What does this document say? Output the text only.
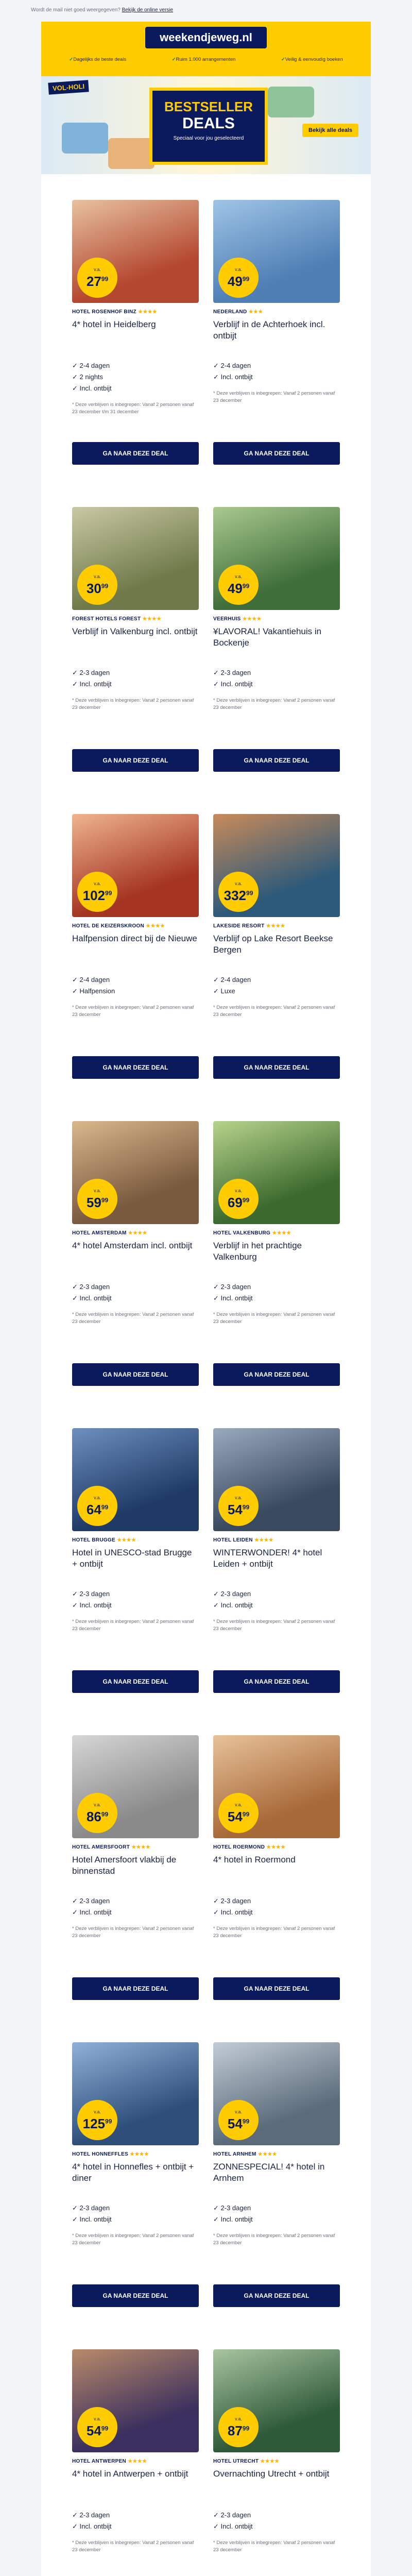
Wordt de mail niet goed weergegeven? Bekijk de online versie
weekendjeweg.nl
✓ Dagelijks de beste deals	✓ Ruim 1.000 arrangementen	✓ Veilig & eenvoudig boeken
VOL-HOLI
BESTSELLER
DEALS
Speciaal voor jou geselecteerd
Bekijk alle deals
v.a.
$27^{99}$
HOTEL ROSENHOF BINZ ★★★★
4* hotel in Heidelberg
✓ 2-4 dagen
✓ 2 nights
✓ Incl. ontbijt
* Deze verblijven is inbegrepen: Vanaf 2 personen vanaf 23 december t/m 31 december
GA NAAR DEZE DEAL
v.a.
$49^{99}$
NEDERLAND ★★★
Verblijf in de Achterhoek incl. ontbijt
✓ 2-4 dagen
✓ Incl. ontbijt
* Deze verblijven is inbegrepen: Vanaf 2 personen vanaf 23 december
GA NAAR DEZE DEAL
v.a.
$30^{99}$
FOREST HOTELS FOREST ★★★★
Verblijf in Valkenburg incl. ontbijt
✓ 2-3 dagen
✓ Incl. ontbijt
* Deze verblijven is inbegrepen: Vanaf 2 personen vanaf 23 december
GA NAAR DEZE DEAL
v.a.
$49^{99}$
VEERHUIS ★★★★
¥LAVORAL! Vakantiehuis in Bockenje
✓ 2-3 dagen
✓ Incl. ontbijt
* Deze verblijven is inbegrepen: Vanaf 2 personen vanaf 23 december
GA NAAR DEZE DEAL
v.a.
$102^{99}$
HOTEL DE KEIZERSKROON ★★★★
Halfpension direct bij de Nieuwe
✓ 2-4 dagen
✓ Halfpension
* Deze verblijven is inbegrepen: Vanaf 2 personen vanaf 23 december
GA NAAR DEZE DEAL
v.a.
$332^{99}$
LAKESIDE RESORT ★★★★
Verblijf op Lake Resort Beekse Bergen
✓ 2-4 dagen
✓ Luxe
* Deze verblijven is inbegrepen: Vanaf 2 personen vanaf 23 december
GA NAAR DEZE DEAL
v.a.
$59^{99}$
HOTEL AMSTERDAM ★★★★
4* hotel Amsterdam incl. ontbijt
✓ 2-3 dagen
✓ Incl. ontbijt
* Deze verblijven is inbegrepen: Vanaf 2 personen vanaf 23 december
GA NAAR DEZE DEAL
v.a.
$69^{99}$
HOTEL VALKENBURG ★★★★
Verblijf in het prachtige Valkenburg
✓ 2-3 dagen
✓ Incl. ontbijt
* Deze verblijven is inbegrepen: Vanaf 2 personen vanaf 23 december
GA NAAR DEZE DEAL
v.a.
$64^{99}$
HOTEL BRUGGE ★★★★
Hotel in UNESCO-stad Brugge + ontbijt
✓ 2-3 dagen
✓ Incl. ontbijt
* Deze verblijven is inbegrepen: Vanaf 2 personen vanaf 23 december
GA NAAR DEZE DEAL
v.a.
$54^{99}$
HOTEL LEIDEN ★★★★
WINTERWONDER! 4* hotel Leiden + ontbijt
✓ 2-3 dagen
✓ Incl. ontbijt
* Deze verblijven is inbegrepen: Vanaf 2 personen vanaf 23 december
GA NAAR DEZE DEAL
v.a.
$86^{99}$
HOTEL AMERSFOORT ★★★★
Hotel Amersfoort vlakbij de binnenstad
✓ 2-3 dagen
✓ Incl. ontbijt
* Deze verblijven is inbegrepen: Vanaf 2 personen vanaf 23 december
GA NAAR DEZE DEAL
v.a.
$54^{99}$
HOTEL ROERMOND ★★★★
4* hotel in Roermond
✓ 2-3 dagen
✓ Incl. ontbijt
* Deze verblijven is inbegrepen: Vanaf 2 personen vanaf 23 december
GA NAAR DEZE DEAL
v.a.
$125^{99}$
HOTEL HONNEFFLES ★★★★
4* hotel in Honnefles + ontbijt + diner
✓ 2-3 dagen
✓ Incl. ontbijt
* Deze verblijven is inbegrepen: Vanaf 2 personen vanaf 23 december
GA NAAR DEZE DEAL
v.a.
$54^{99}$
HOTEL ARNHEM ★★★★
ZONNESPECIAL! 4* hotel in Arnhem
✓ 2-3 dagen
✓ Incl. ontbijt
* Deze verblijven is inbegrepen: Vanaf 2 personen vanaf 23 december
GA NAAR DEZE DEAL
v.a.
$54^{99}$
HOTEL ANTWERPEN ★★★★
4* hotel in Antwerpen + ontbijt
✓ 2-3 dagen
✓ Incl. ontbijt
* Deze verblijven is inbegrepen: Vanaf 2 personen vanaf 23 december
v.a.
$87^{99}$
HOTEL UTRECHT ★★★★
Overnachting Utrecht + ontbijt
✓ 2-3 dagen
✓ Incl. ontbijt
* Deze verblijven is inbegrepen: Vanaf 2 personen vanaf 23 december
